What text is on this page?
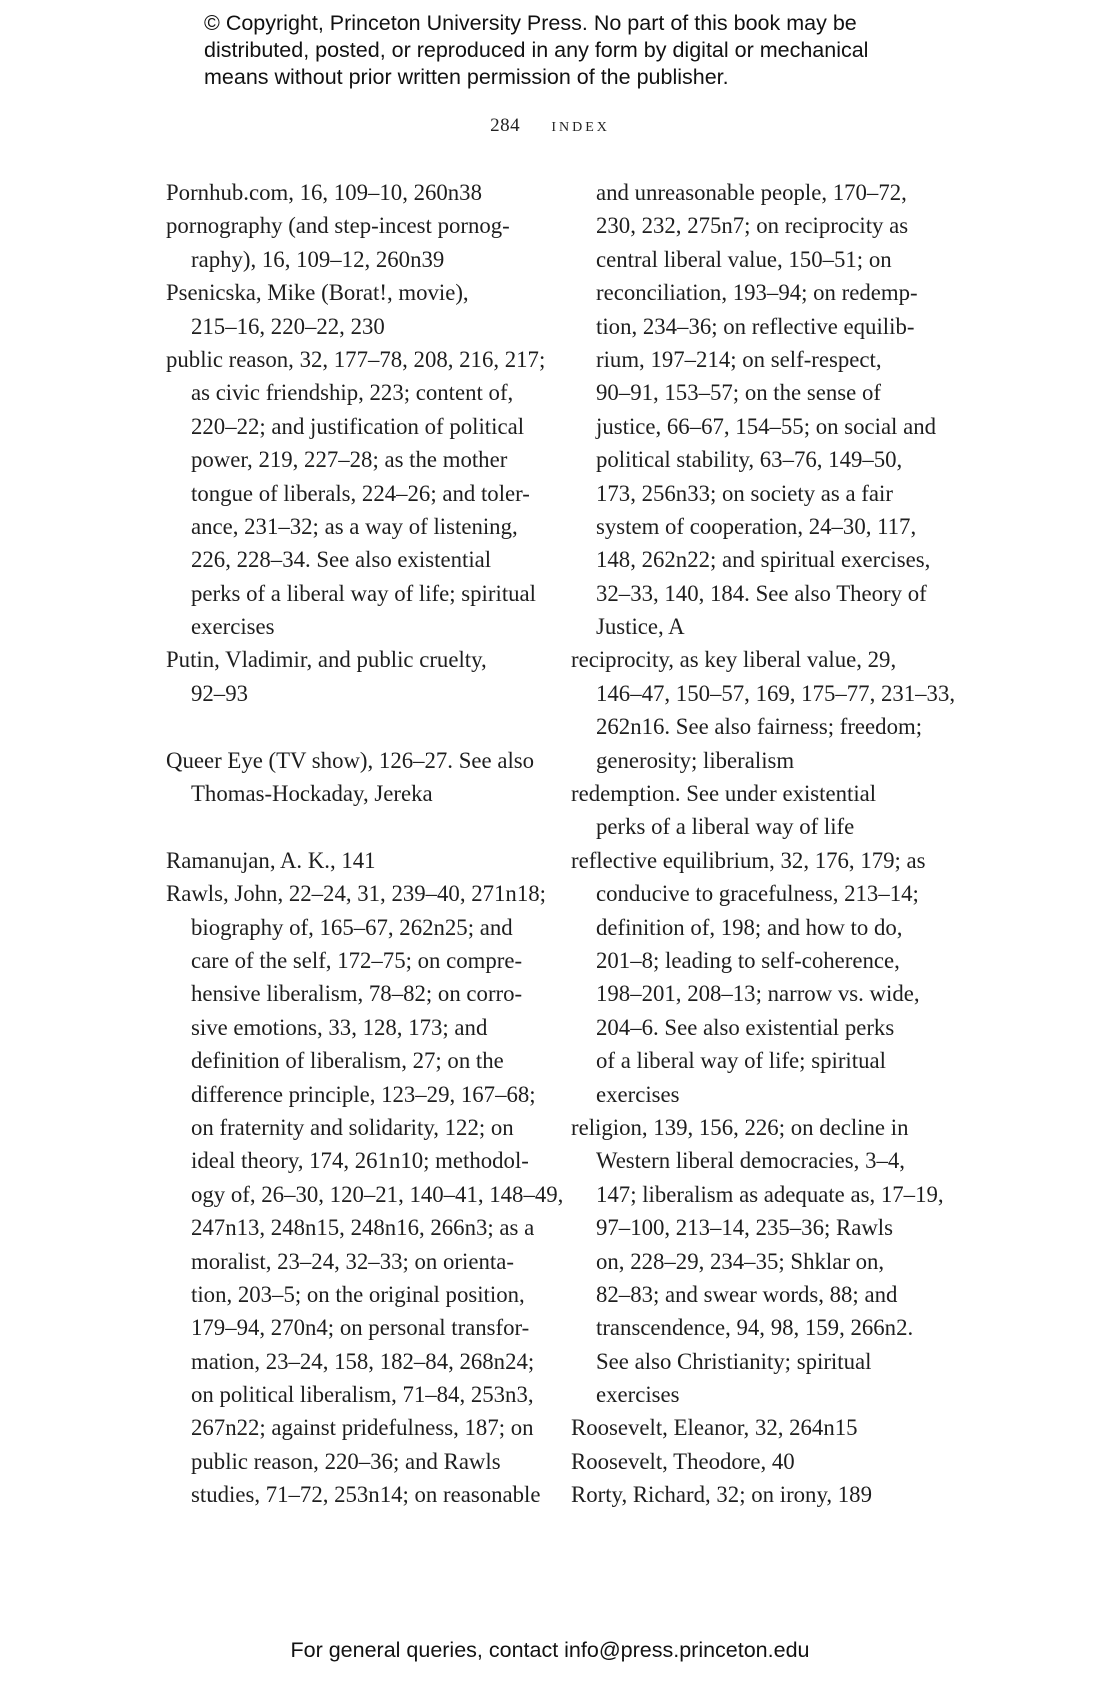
© Copyright, Princeton University Press. No part of this book may be
distributed, posted, or reproduced in any form by digital or mechanical
means without prior written permission of the publisher.
284 index
Pornhub.com, 16, 109–10, 260n38
pornography (and step-incest pornog-
raphy), 16, 109–12, 260n39
Psenicska, Mike (Borat!, movie),
215–16, 220–22, 230
public reason, 32, 177–78, 208, 216, 217;
as civic friendship, 223; content of,
220–22; and justification of political
power, 219, 227–28; as the mother
tongue of liberals, 224–26; and toler-
ance, 231–32; as a way of listening,
226, 228–34. See also existential
perks of a liberal way of life; spiritual
exercises
Putin, Vladimir, and public cruelty,
92–93
Queer Eye (TV show), 126–27. See also
Thomas-Hockaday, Jereka
Ramanujan, A. K., 141
Rawls, John, 22–24, 31, 239–40, 271n18;
biography of, 165–67, 262n25; and
care of the self, 172–75; on compre-
hensive liberalism, 78–82; on corro-
sive emotions, 33, 128, 173; and
definition of liberalism, 27; on the
difference principle, 123–29, 167–68;
on fraternity and solidarity, 122; on
ideal theory, 174, 261n10; methodol-
ogy of, 26–30, 120–21, 140–41, 148–49,
247n13, 248n15, 248n16, 266n3; as a
moralist, 23–24, 32–33; on orienta-
tion, 203–5; on the original position,
179–94, 270n4; on personal transfor-
mation, 23–24, 158, 182–84, 268n24;
on political liberalism, 71–84, 253n3,
267n22; against pridefulness, 187; on
public reason, 220–36; and Rawls
studies, 71–72, 253n14; on reasonable
and unreasonable people, 170–72,
230, 232, 275n7; on reciprocity as
central liberal value, 150–51; on
reconciliation, 193–94; on redemp-
tion, 234–36; on reflective equilib-
rium, 197–214; on self-respect,
90–91, 153–57; on the sense of
justice, 66–67, 154–55; on social and
political stability, 63–76, 149–50,
173, 256n33; on society as a fair
system of cooperation, 24–30, 117,
148, 262n22; and spiritual exercises,
32–33, 140, 184. See also Theory of
Justice, A
reciprocity, as key liberal value, 29,
146–47, 150–57, 169, 175–77, 231–33,
262n16. See also fairness; freedom;
generosity; liberalism
redemption. See under existential
perks of a liberal way of life
reflective equilibrium, 32, 176, 179; as
conducive to gracefulness, 213–14;
definition of, 198; and how to do,
201–8; leading to self-coherence,
198–201, 208–13; narrow vs. wide,
204–6. See also existential perks
of a liberal way of life; spiritual
exercises
religion, 139, 156, 226; on decline in
Western liberal democracies, 3–4,
147; liberalism as adequate as, 17–19,
97–100, 213–14, 235–36; Rawls
on, 228–29, 234–35; Shklar on,
82–83; and swear words, 88; and
transcendence, 94, 98, 159, 266n2.
See also Christianity; spiritual
exercises
Roosevelt, Eleanor, 32, 264n15
Roosevelt, Theodore, 40
Rorty, Richard, 32; on irony, 189
For general queries, contact info@press.princeton.edu
